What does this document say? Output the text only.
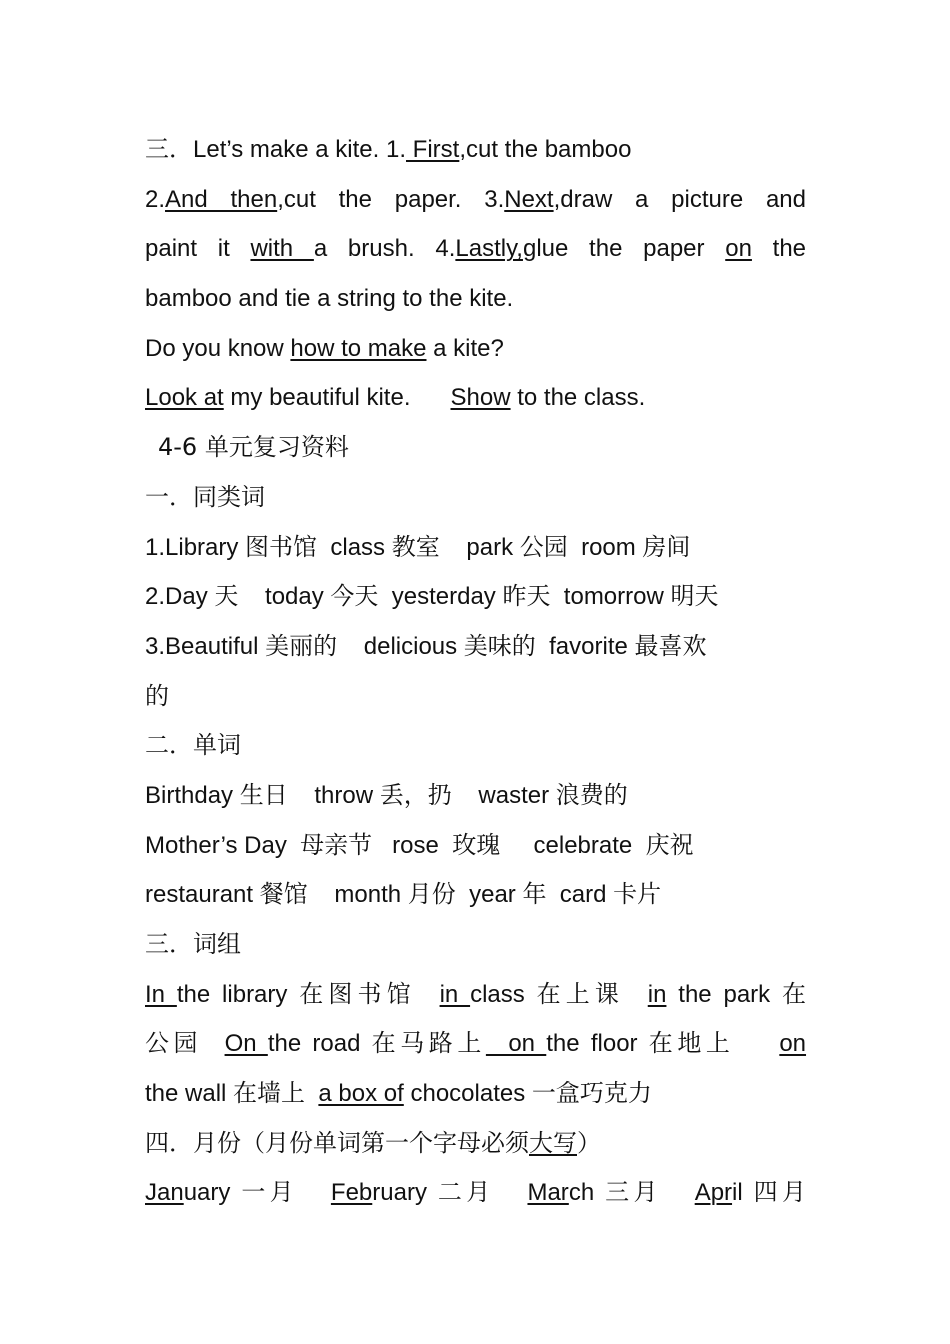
三．Let’s make a kite. 1. First,cut the bamboo
2.And then,cut the paper. 3.Next,draw a picture and
paint it with a brush. 4.Lastly,glue the paper on the
bamboo and tie a string to the kite.
Do you know how to make a kite?
Look at my beautiful kite.      Show to the class.
4-6 单元复习资料
一．同类词
1.Library 图书馆  class 教室    park 公园  room 房间
2.Day 天    today 今天  yesterday 昨天  tomorrow 明天
3.Beautiful 美丽的    delicious 美味的  favorite 最喜欢
的
二．单词
Birthday 生日    throw 丢，扔    waster 浪费的
Mother’s Day  母亲节   rose  玫瑰     celebrate  庆祝
restaurant 餐馆    month 月份  year 年  card 卡片
三．词组
In the library 在图书馆  in class 在上课  in the park 在
公园  On the road 在马路上  on the floor 在地上    on
the wall 在墙上  a box of chocolates 一盒巧克力
四．月份（月份单词第一个字母必须大写）
January 一月   February 二月   March 三月   April 四月
